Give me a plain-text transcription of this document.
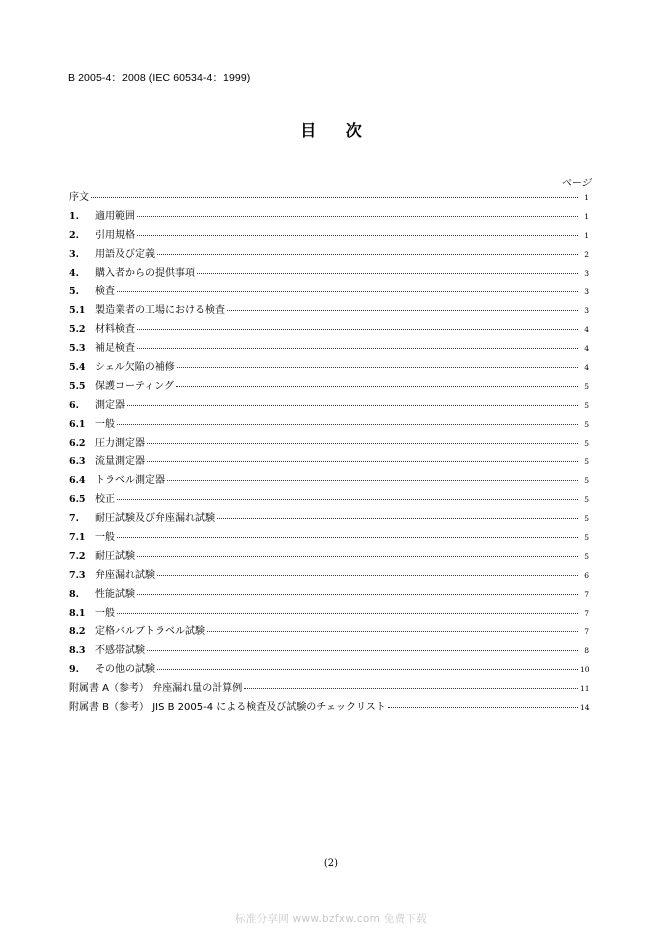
B 2005-4：2008 (IEC 60534-4：1999)
目 次
ページ
序文	1
1.	適用範囲	1
2.	引用規格	1
3.	用語及び定義	2
4.	購入者からの提供事項	3
5.	検査	3
5.1 製造業者の工場における検査	3
5.2 材料検査	4
5.3 補足検査	4
5.4 シェル欠陥の補修	4
5.5 保護コーティング	5
6.	測定器	5
6.1 一般	5
6.2 圧力測定器	5
6.3 流量測定器	5
6.4 トラベル測定器	5
6.5 校正	5
7.	耐圧試験及び弁座漏れ試験	5
7.1 一般	5
7.2 耐圧試験	5
7.3 弁座漏れ試験	6
8.	性能試験	7
8.1 一般	7
8.2 定格バルブトラベル試験	7
8.3 不感帯試験	8
9.	その他の試験	10
附属書 A（参考） 弁座漏れ量の計算例	11
附属書 B（参考） JIS B 2005-4 による検査及び試験のチェックリスト	14
(2)
标准分享网 www.bzfxw.com 免费下载
